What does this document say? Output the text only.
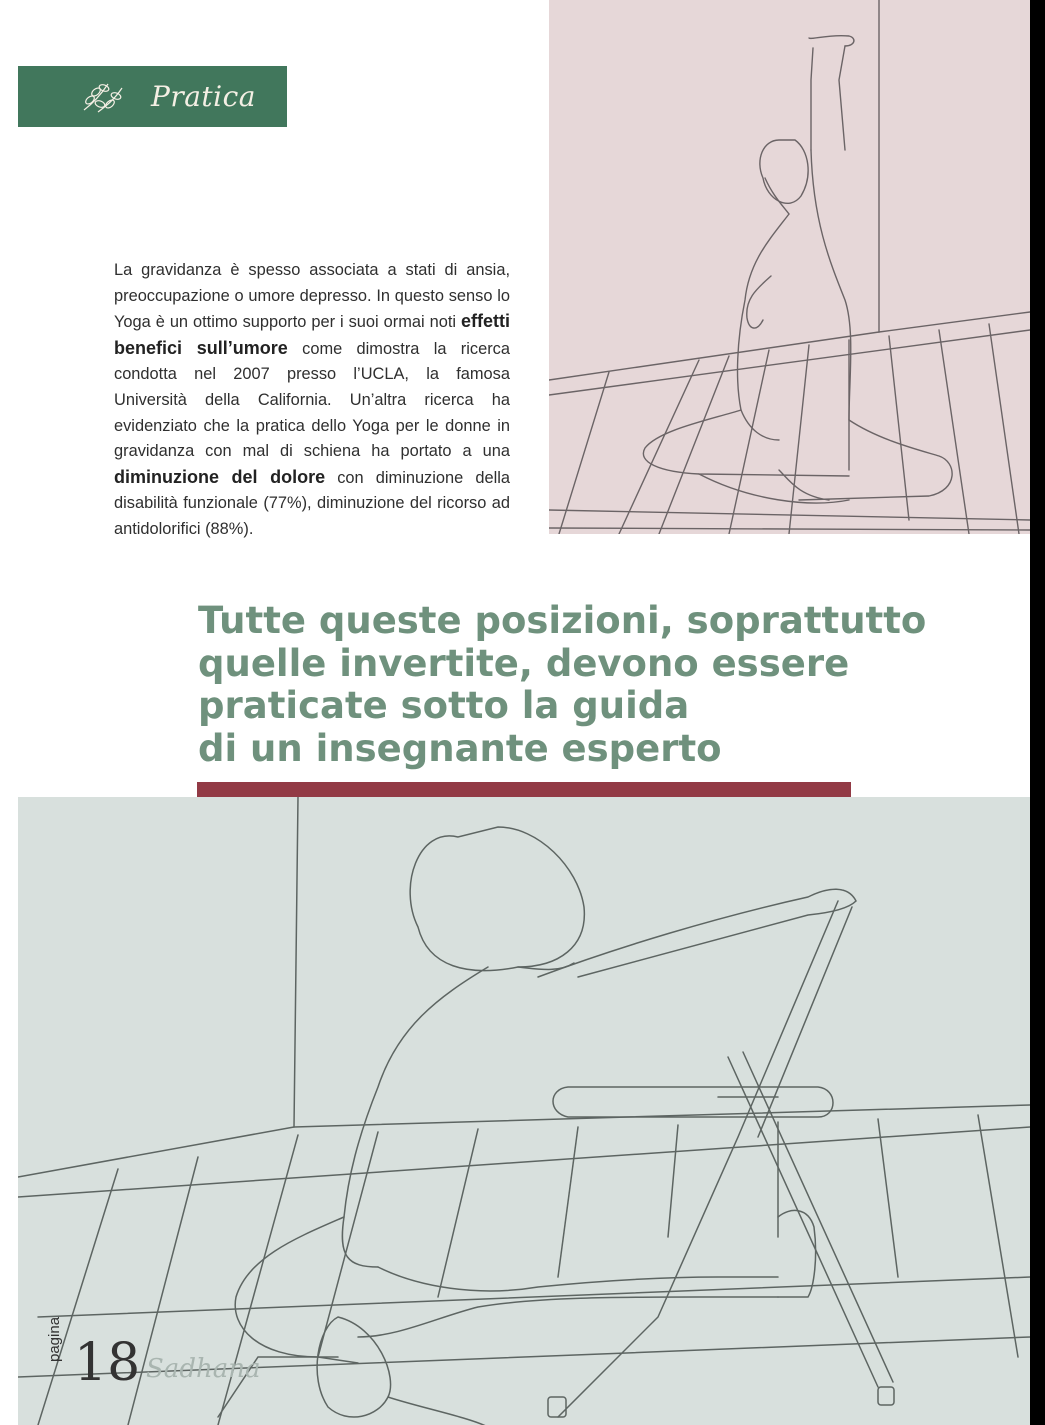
Pratica
La gravidanza è spesso associata a stati di ansia, preoccupazione o umore depresso. In questo senso lo Yoga è un ottimo supporto per i suoi ormai noti effetti benefici sull’umore come dimostra la ricerca condotta nel 2007 presso l’UCLA, la famosa Università della California. Un’altra ricerca ha evidenziato che la pratica dello Yoga per le donne in gravidanza con mal di schiena ha portato a una diminuzione del dolore con diminuzione della disabilità funzionale (77%), diminuzione del ricorso ad antidolorifici (88%).
Tutte queste posizioni, soprattutto
quelle invertite, devono essere
praticate sotto la guida
di un insegnante esperto
pagina 18 Sadhana
